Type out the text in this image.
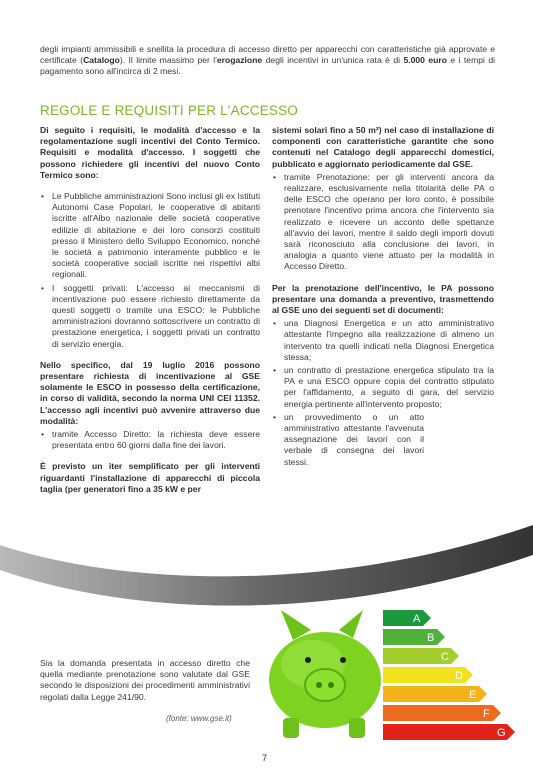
degli impianti ammissibili e snellita la procedura di accesso diretto per apparecchi con caratteristiche già approvate e certificate (Catalogo). Il limite massimo per l'erogazione degli incentivi in un'unica rata è di 5.000 euro e i tempi di pagamento sono all'incirca di 2 mesi.
REGOLE E REQUISITI PER L'ACCESSO

Di seguito i requisiti, le modalità d'accesso e la regolamentazione sugli incentivi del Conto Termico. Requisiti e modalità d'accesso. I soggetti che possono richiedere gli incentivi del nuovo Conto Termico sono:

• Le Pubbliche amministrazioni Sono inclusi gli ex Istituti Autonomi Case Popolari, le cooperative di abitanti iscritte all'Albo nazionale delle società cooperative edilizie di abitazione e dei loro consorzi costituiti presso il Ministero dello Sviluppo Economico, nonché le società a patrimonio interamente pubblico e le società cooperative sociali iscritte nei rispettivi albi regionali.
• I soggetti privati: L'accesso ai meccanismi di incentivazione può essere richiesto direttamente da questi soggetti o tramite una ESCO: le Pubbliche amministrazioni dovranno sottoscrivere un contratto di prestazione energetica, i soggetti privati un contratto di servizio energia.

Nello specifico, dal 19 luglio 2016 possono presentare richiesta di incentivazione al GSE solamente le ESCO in possesso della certificazione, in corso di validità, secondo la norma UNI CEI 11352. L'accesso agli incentivi può avvenire attraverso due modalità:

• tramite Accesso Diretto: la richiesta deve essere presentata entro 60 giorni dalla fine dei lavori.

È previsto un iter semplificato per gli interventi riguardanti l'installazione di apparecchi di piccola taglia (per generatori fino a 35 kW e per

sistemi solari fino a 50 m²) nel caso di installazione di componenti con caratteristiche garantite che sono contenuti nel Catalogo degli apparecchi domestici, pubblicato e aggiornato periodicamente dal GSE.

• tramite Prenotazione: per gli interventi ancora da realizzare, esclusivamente nella titolarità delle PA o delle ESCO che operano per loro conto, è possibile prenotare l'incentivo prima ancora che l'intervento sia realizzato e ricevere un acconto delle spettanze all'avvio dei lavori, mentre il saldo degli importi dovuti sarà riconosciuto alla conclusione dei lavori, in analogia a quanto viene attuato per la modalità in Accesso Diretto.

Per la prenotazione dell'incentivo, le PA possono presentare una domanda a preventivo, trasmettendo al GSE uno dei seguenti set di documenti:

• una Diagnosi Energetica e un atto amministrativo attestante l'impegno alla realizzazione di almeno un intervento tra quelli indicati nella Diagnosi Energetica stessa;
• un contratto di prestazione energetica stipulato tra la PA e una ESCO oppure copia del contratto stipulato per l'affidamento, a seguito di gara, del servizio energia pertinente all'intervento proposto;
• un provvedimento o un atto amministrativo attestante l'avvenuta assegnazione dei lavori con il verbale di consegna dei lavori stessi.
Sia la domanda presentata in accesso diretto che quella mediante prenotazione sono valutate dal GSE secondo le disposizioni dei procedimenti amministrativi regolati dalla Legge 241/90.
(fonte: www.gse.it)
A
B
C
D
E
F
G
7
